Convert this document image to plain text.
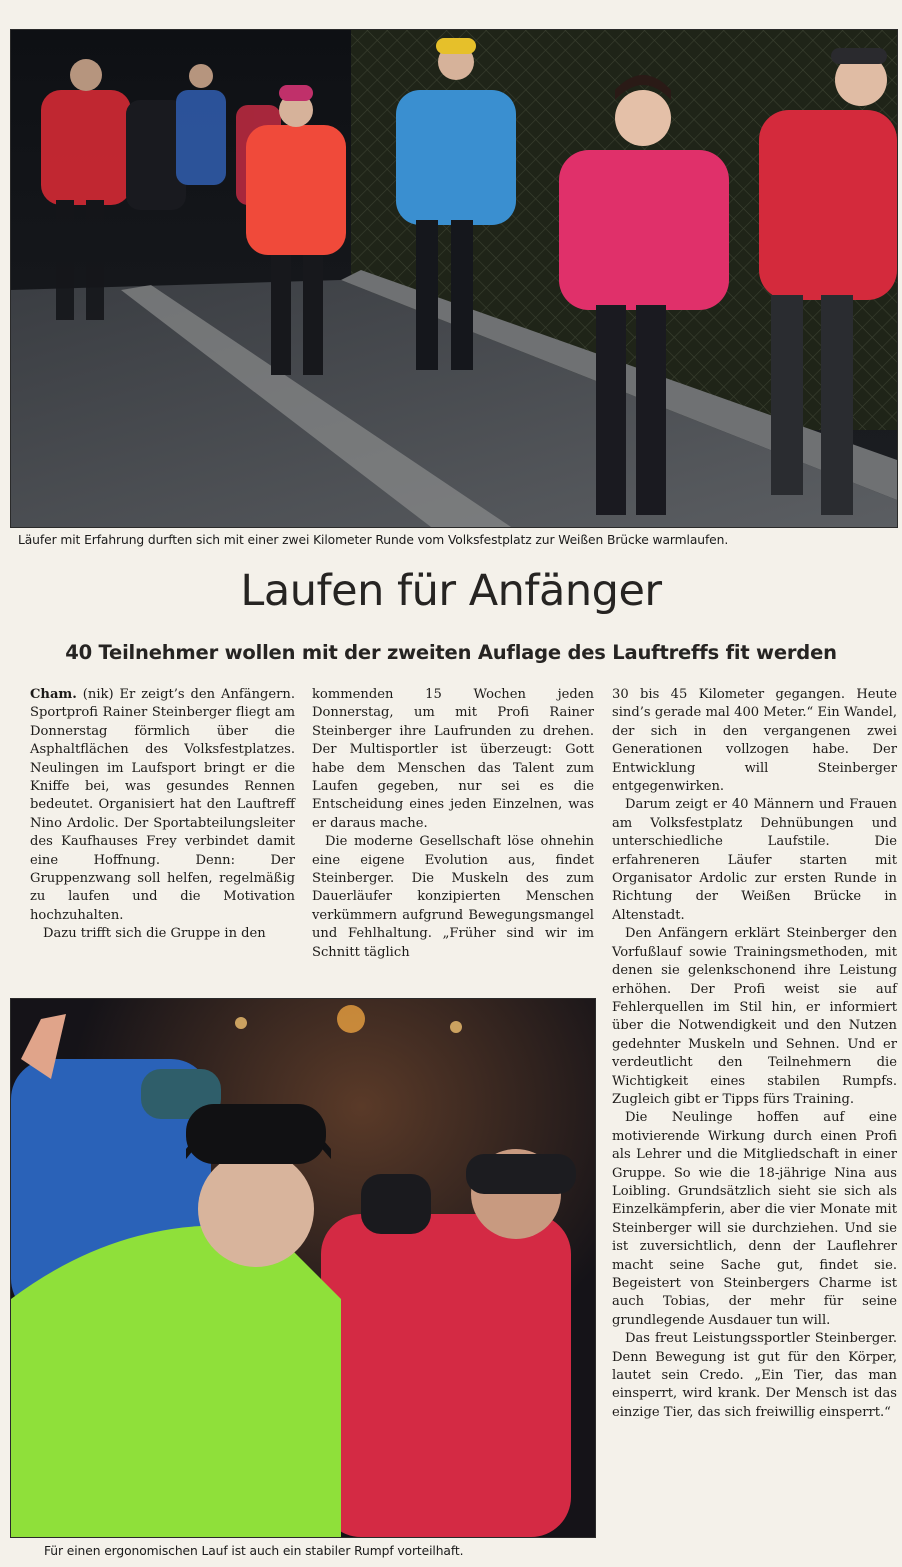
Läufer mit Erfahrung durften sich mit einer zwei Kilometer Runde vom Volksfestplatz zur Weißen Brücke warmlaufen.
Laufen für Anfänger
40 Teilnehmer wollen mit der zweiten Auflage des Lauftreffs fit werden

Cham. (nik) Er zeigt’s den Anfängern. Sportprofi Rainer Steinberger fliegt am Donnerstag förmlich über die Asphaltflächen des Volksfestplatzes. Neulingen im Laufsport bringt er die Kniffe bei, was gesundes Rennen bedeutet. Organisiert hat den Lauftreff Nino Ardolic. Der Sportabteilungsleiter des Kaufhauses Frey verbindet damit eine Hoffnung. Denn: Der Gruppenzwang soll helfen, regelmäßig zu laufen und die Motivation hochzuhalten.

Dazu trifft sich die Gruppe in den

kommenden 15 Wochen jeden Donnerstag, um mit Profi Rainer Steinberger ihre Laufrunden zu drehen. Der Multisportler ist überzeugt: Gott habe dem Menschen das Talent zum Laufen gegeben, nur sei es die Entscheidung eines jeden Einzelnen, was er daraus mache.

Die moderne Gesellschaft löse ohnehin eine eigene Evolution aus, findet Steinberger. Die Muskeln des zum Dauerläufer konzipierten Menschen verkümmern aufgrund Bewegungsmangel und Fehlhaltung. „Früher sind wir im Schnitt täglich

30 bis 45 Kilometer gegangen. Heute sind’s gerade mal 400 Meter.“ Ein Wandel, der sich in den vergangenen zwei Generationen vollzogen habe. Der Entwicklung will Steinberger entgegenwirken.

Darum zeigt er 40 Männern und Frauen am Volksfestplatz Dehnübungen und unterschiedliche Laufstile. Die erfahreneren Läufer starten mit Organisator Ardolic zur ersten Runde in Richtung der Weißen Brücke in Altenstadt.

Den Anfängern erklärt Steinberger den Vorfußlauf sowie Trainingsmethoden, mit denen sie gelenkschonend ihre Leistung erhöhen. Der Profi weist sie auf Fehlerquellen im Stil hin, er informiert über die Notwendigkeit und den Nutzen gedehnter Muskeln und Sehnen. Und er verdeutlicht den Teilnehmern die Wichtigkeit eines stabilen Rumpfs. Zugleich gibt er Tipps fürs Training.

Die Neulinge hoffen auf eine motivierende Wirkung durch einen Profi als Lehrer und die Mitgliedschaft in einer Gruppe. So wie die 18-jährige Nina aus Loibling. Grundsätzlich sieht sie sich als Einzelkämpferin, aber die vier Monate mit Steinberger will sie durchziehen. Und sie ist zuversichtlich, denn der Lauflehrer macht seine Sache gut, findet sie. Begeistert von Steinbergers Charme ist auch Tobias, der mehr für seine grundlegende Ausdauer tun will.

Das freut Leistungssportler Steinberger. Denn Bewegung ist gut für den Körper, lautet sein Credo. „Ein Tier, das man einsperrt, wird krank. Der Mensch ist das einzige Tier, das sich freiwillig einsperrt.“

Für einen ergonomischen Lauf ist auch ein stabiler Rumpf vorteilhaft.
